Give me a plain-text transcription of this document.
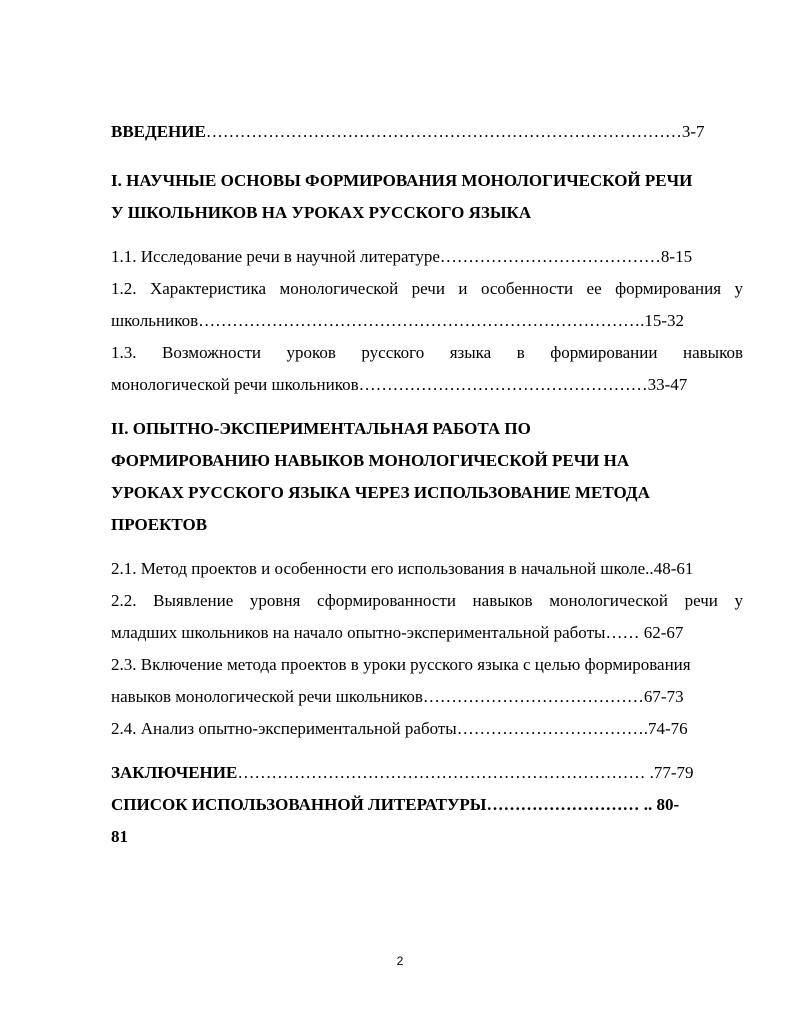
ВВЕДЕНИЕ…………………………………………………………………………3-7
I. НАУЧНЫЕ ОСНОВЫ ФОРМИРОВАНИЯ МОНОЛОГИЧЕСКОЙ РЕЧИ
У ШКОЛЬНИКОВ НА УРОКАХ РУССКОГО ЯЗЫКА
1.1. Исследование речи в научной литературе…………………………………8-15
1.2. Характеристика монологической речи и особенности ее формирования у
школьников…………………………………………………………………….15-32
1.3. Возможности уроков русского языка в формировании навыков
монологической речи школьников……………………………………………33-47
II. ОПЫТНО-ЭКСПЕРИМЕНТАЛЬНАЯ РАБОТА ПО
ФОРМИРОВАНИЮ НАВЫКОВ МОНОЛОГИЧЕСКОЙ РЕЧИ НА
УРОКАХ РУССКОГО ЯЗЫКА ЧЕРЕЗ ИСПОЛЬЗОВАНИЕ МЕТОДА
ПРОЕКТОВ
2.1. Метод проектов и особенности его использования в начальной школе..48-61
2.2. Выявление уровня сформированности навыков монологической речи у
младших школьников на начало опытно-экспериментальной работы…… 62-67
2.3. Включение метода проектов в уроки русского языка с целью формирования
навыков монологической речи школьников…………………………………67-73
2.4. Анализ опытно-экспериментальной работы…………………………….74-76
ЗАКЛЮЧЕНИЕ……………………………………………………………… .77-79
СПИСОК ИСПОЛЬЗОВАННОЙ ЛИТЕРАТУРЫ……………………… .. 80-
81
2
